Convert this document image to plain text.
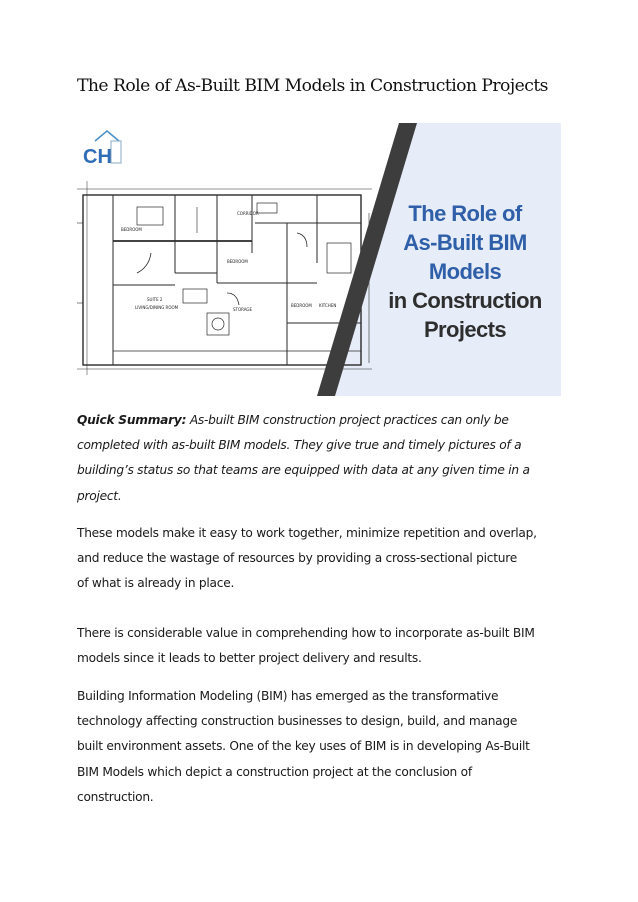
The Role of As-Built BIM Models in Construction Projects
BEDROOM
CORRIDOR
SUITE 2
LIVING/DINING ROOM
BEDROOM
STORAGE
BEDROOM KITCHEN
CH
The Role of
As-Built BIM
Models
in Construction
Projects
Quick Summary: As-built BIM construction project practices can only be
completed with as-built BIM models. They give true and timely pictures of a
building’s status so that teams are equipped with data at any given time in a
project.
These models make it easy to work together, minimize repetition and overlap,
and reduce the wastage of resources by providing a cross-sectional picture
of what is already in place.
There is considerable value in comprehending how to incorporate as-built BIM
models since it leads to better project delivery and results.
Building Information Modeling (BIM) has emerged as the transformative
technology affecting construction businesses to design, build, and manage
built environment assets. One of the key uses of BIM is in developing As-Built
BIM Models which depict a construction project at the conclusion of
construction.
